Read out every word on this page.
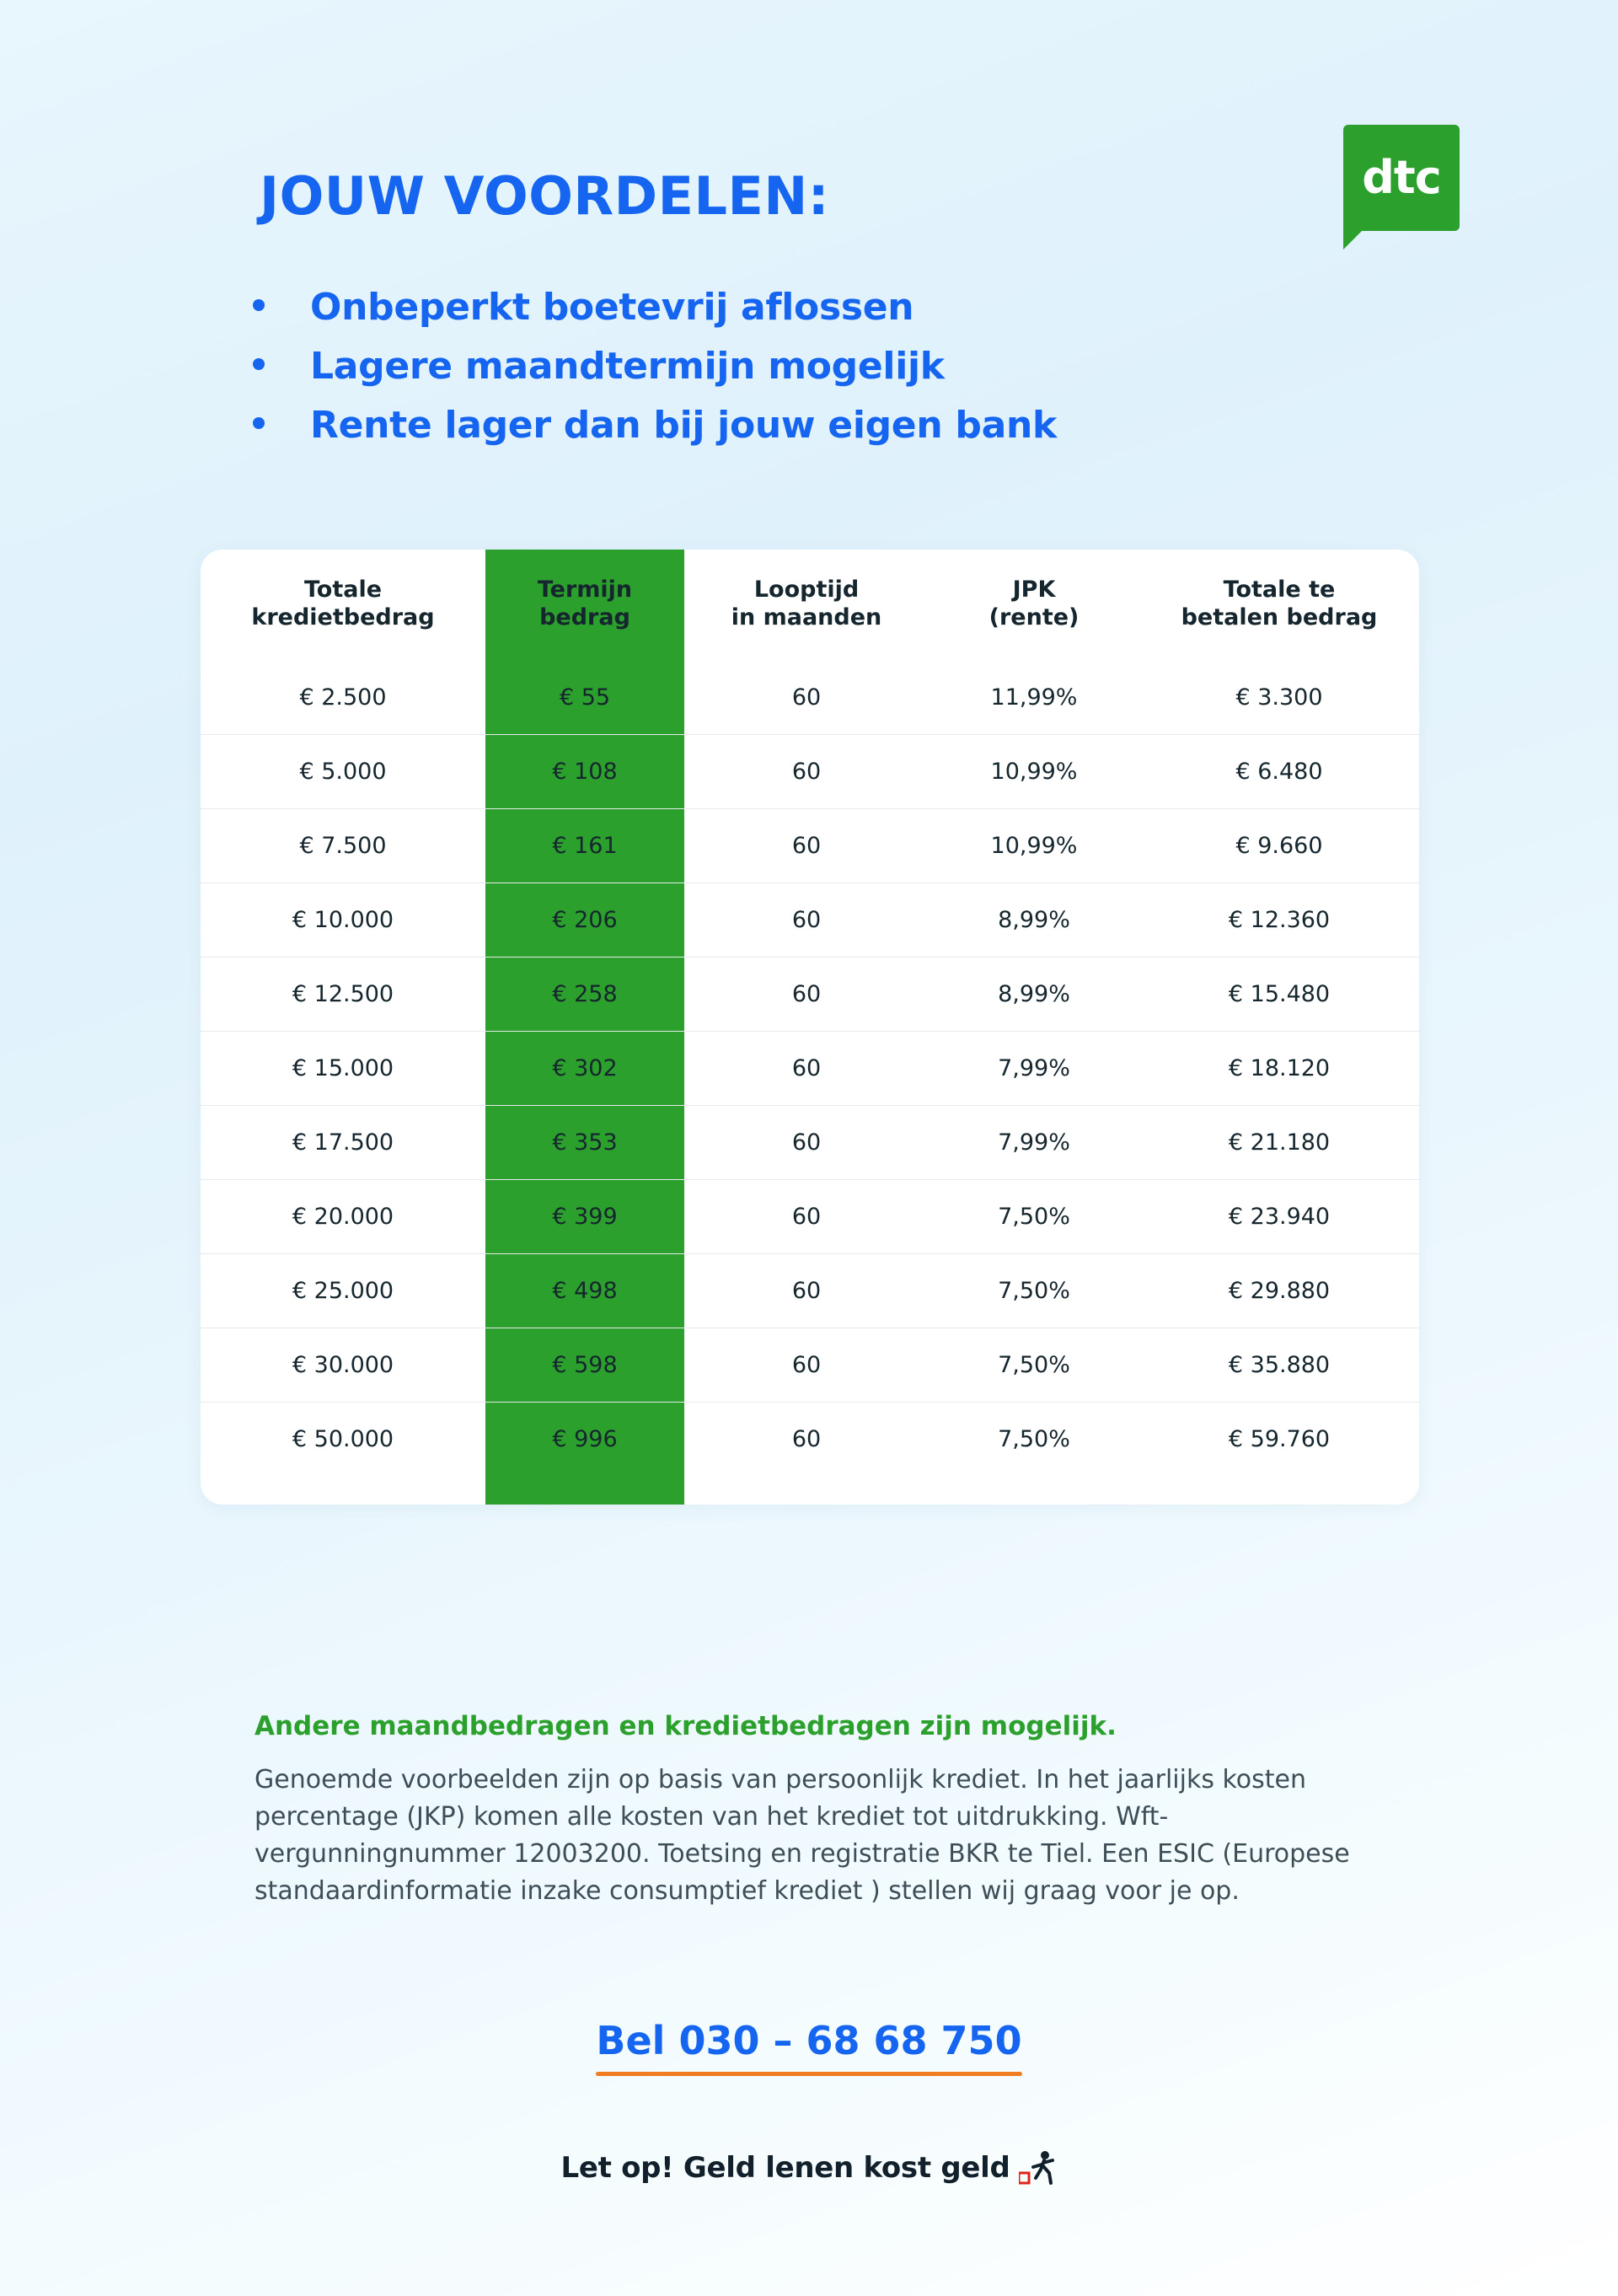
dtc
JOUW VOORDELEN:
Onbeperkt boetevrij aflossen
Lagere maandtermijn mogelijk
Rente lager dan bij jouw eigen bank
Totale
kredietbedrag

Termijn
bedrag

Looptijd
in maanden

JPK
(rente)

Totale te
betalen bedrag

€ 2.500	€ 55	60	11,99%	€ 3.300
€ 5.000	€ 108	60	10,99%	€ 6.480
€ 7.500	€ 161	60	10,99%	€ 9.660
€ 10.000	€ 206	60	8,99%	€ 12.360
€ 12.500	€ 258	60	8,99%	€ 15.480
€ 15.000	€ 302	60	7,99%	€ 18.120
€ 17.500	€ 353	60	7,99%	€ 21.180
€ 20.000	€ 399	60	7,50%	€ 23.940
€ 25.000	€ 498	60	7,50%	€ 29.880
€ 30.000	€ 598	60	7,50%	€ 35.880
€ 50.000	€ 996	60	7,50%	€ 59.760
Andere maandbedragen en kredietbedragen zijn mogelijk.
Genoemde voorbeelden zijn op basis van persoonlijk krediet. In het jaarlijks kosten percentage (JKP) komen alle kosten van het krediet tot uitdrukking. Wft-vergunningnummer 12003200. Toetsing en registratie BKR te Tiel. Een ESIC (Europese standaardinformatie inzake consumptief krediet ) stellen wij graag voor je op.
Bel 030 – 68 68 750
Let op! Geld lenen kost geld
